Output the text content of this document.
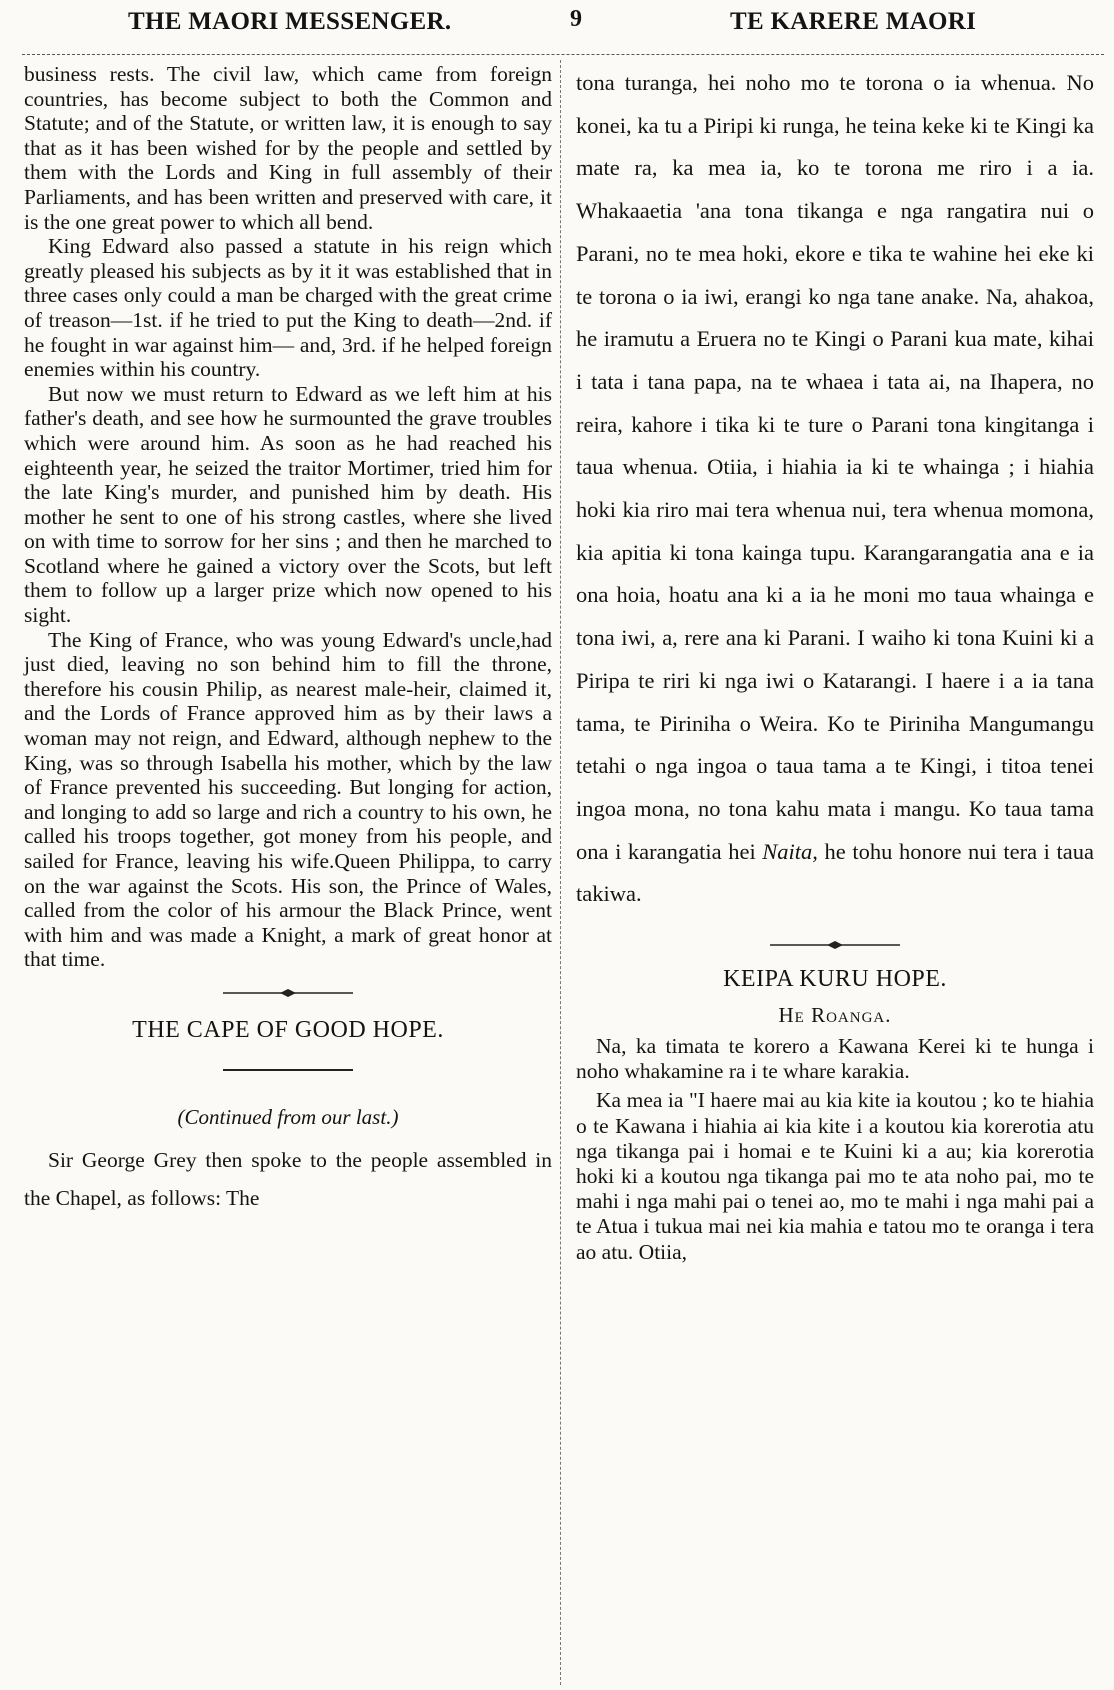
THE MAORI MESSENGER.	9	TE KARERE MAORI

business rests. The civil law, which came from foreign countries, has become subject to both the Common and Statute; and of the Statute, or written law, it is enough to say that as it has been wished for by the people and settled by them with the Lords and King in full assembly of their Parliaments, and has been written and preserved with care, it is the one great power to which all bend.

King Edward also passed a statute in his reign which greatly pleased his subjects as by it it was established that in three cases only could a man be charged with the great crime of treason—1st. if he tried to put the King to death—2nd. if he fought in war against him— and, 3rd. if he helped foreign enemies within his country.

But now we must return to Edward as we left him at his father's death, and see how he surmounted the grave troubles which were around him. As soon as he had reached his eighteenth year, he seized the traitor Mortimer, tried him for the late King's murder, and punished him by death. His mother he sent to one of his strong castles, where she lived on with time to sorrow for her sins ; and then he marched to Scotland where he gained a victory over the Scots, but left them to follow up a larger prize which now opened to his sight.

The King of France, who was young Edward's uncle,had just died, leaving no son behind him to fill the throne, therefore his cousin Philip, as nearest male-heir, claimed it, and the Lords of France approved him as by their laws a woman may not reign, and Edward, although nephew to the King, was so through Isabella his mother, which by the law of France prevented his succeeding. But longing for action, and longing to add so large and rich a country to his own, he called his troops together, got money from his people, and sailed for France, leaving his wife.Queen Philippa, to carry on the war against the Scots. His son, the Prince of Wales, called from the color of his armour the Black Prince, went with him and was made a Knight, a mark of great honor at that time.

THE CAPE OF GOOD HOPE.

(Continued from our last.)

Sir George Grey then spoke to the people assembled in the Chapel, as follows: The

tona turanga, hei noho mo te torona o ia whenua. No konei, ka tu a Piripi ki runga, he teina keke ki te Kingi ka mate ra, ka mea ia, ko te torona me riro i a ia. Whakaaetia 'ana tona tikanga e nga rangatira nui o Parani, no te mea hoki, ekore e tika te wahine hei eke ki te torona o ia iwi, erangi ko nga tane anake. Na, ahakoa, he iramutu a Eruera no te Kingi o Parani kua mate, kihai i tata i tana papa, na te whaea i tata ai, na Ihapera, no reira, kahore i tika ki te ture o Parani tona kingitanga i taua whenua. Otiia, i hiahia ia ki te whainga ; i hiahia hoki kia riro mai tera whenua nui, tera whenua momona, kia apitia ki tona kainga tupu. Karangarangatia ana e ia ona hoia, hoatu ana ki a ia he moni mo taua whainga e tona iwi, a, rere ana ki Parani. I waiho ki tona Kuini ki a Piripa te riri ki nga iwi o Katarangi. I haere i a ia tana tama, te Piriniha o Weira. Ko te Piriniha Mangumangu tetahi o nga ingoa o taua tama a te Kingi, i titoa tenei ingoa mona, no tona kahu mata i mangu. Ko taua tama ona i karangatia hei Naita, he tohu honore nui tera i taua takiwa.

KEIPA KURU HOPE.

He Roanga.

Na, ka timata te korero a Kawana Kerei ki te hunga i noho whakamine ra i te whare karakia.

Ka mea ia "I haere mai au kia kite ia koutou ; ko te hiahia o te Kawana i hiahia ai kia kite i a koutou kia korerotia atu nga tikanga pai i homai e te Kuini ki a au; kia korerotia hoki ki a koutou nga tikanga pai mo te ata noho pai, mo te mahi i nga mahi pai o tenei ao, mo te mahi i nga mahi pai a te Atua i tukua mai nei kia mahia e tatou mo te oranga i tera ao atu. Otiia,
